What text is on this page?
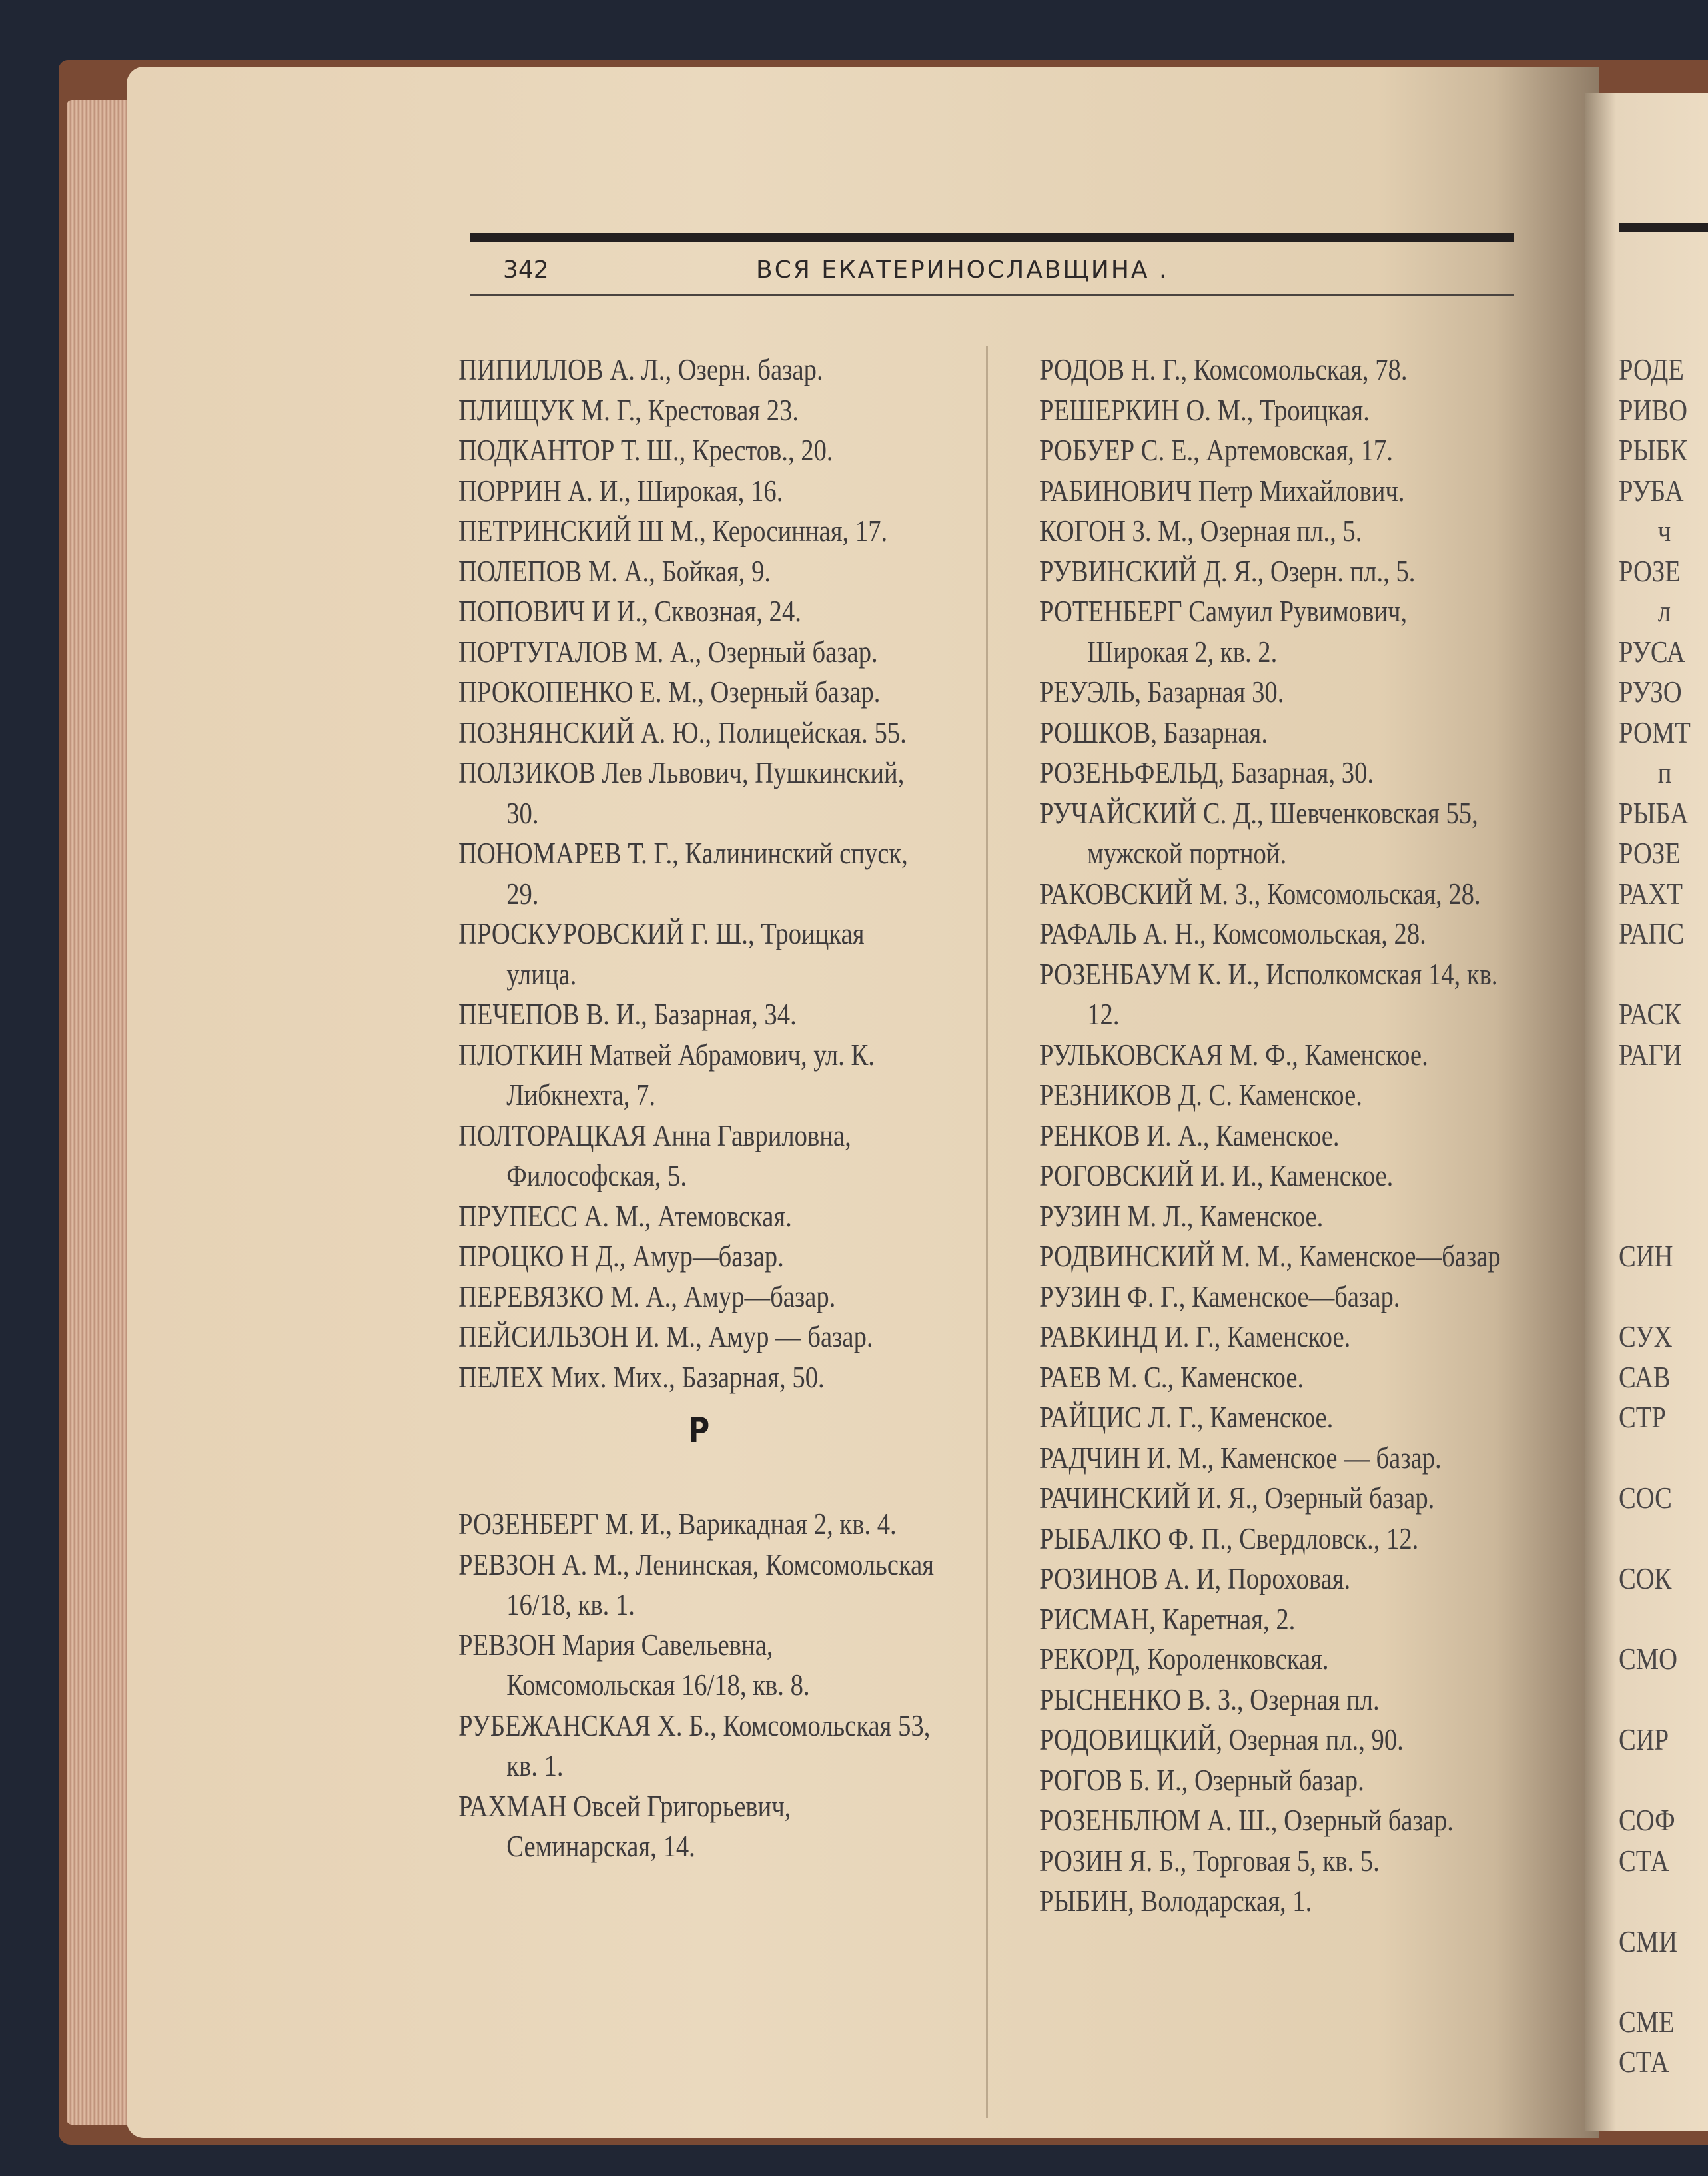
342	ВСЯ ЕКАТЕРИНОСЛАВЩИНА .

ПИПИЛЛОВ А. Л., Озерн. базар.

ПЛИЩУК М. Г., Крестовая 23.

ПОДКАНТОР Т. Ш., Крестов., 20.

ПОРРИН А. И., Широкая, 16.

ПЕТРИНСКИЙ Ш М., Керосинная, 17.

ПОЛЕПОВ М. А., Бойкая, 9.

ПОПОВИЧ И И., Сквозная, 24.

ПОРТУГАЛОВ М. А., Озерный базар.

ПРОКОПЕНКО Е. М., Озерный базар.

ПОЗНЯНСКИЙ А. Ю., Полицейская. 55.

ПОЛЗИКОВ Лев Львович, Пушкинский, 30.

ПОНОМАРЕВ Т. Г., Калининский спуск, 29.

ПРОСКУРОВСКИЙ Г. Ш., Троицкая улица.

ПЕЧЕПОВ В. И., Базарная, 34.

ПЛОТКИН Матвей Абрамович, ул. К. Либкнехта, 7.

ПОЛТОРАЦКАЯ Анна Гавриловна, Философская, 5.

ПРУПЕСС А. М., Атемовская.

ПРОЦКО Н Д., Амур—базар.

ПЕРЕВЯЗКО М. А., Амур—базар.

ПЕЙСИЛЬЗОН И. М., Амур — базар.

ПЕЛЕХ Мих. Мих., Базарная, 50.

Р

РОЗЕНБЕРГ М. И., Варикадная 2, кв. 4.

РЕВЗОН А. М., Ленинская, Комсомольская 16/18, кв. 1.

РЕВЗОН Мария Савельевна, Комсомольская 16/18, кв. 8.

РУБЕЖАНСКАЯ Х. Б., Комсомольская 53, кв. 1.

РАХМАН Овсей Григорьевич, Семинарская, 14.

РОДОВ Н. Г., Комсомольская, 78.

РЕШЕРКИН О. М., Троицкая.

РОБУЕР С. Е., Артемовская, 17.

РАБИНОВИЧ Петр Михайлович.

КОГОН З. М., Озерная пл., 5.

РУВИНСКИЙ Д. Я., Озерн. пл., 5.

РОТЕНБЕРГ Самуил Рувимович, Широкая 2, кв. 2.

РЕУЭЛЬ, Базарная 30.

РОШКОВ, Базарная.

РОЗЕНЬФЕЛЬД, Базарная, 30.

РУЧАЙСКИЙ С. Д., Шевченковская 55, мужской портной.

РАКОВСКИЙ М. З., Комсомольская, 28.

РАФАЛЬ А. Н., Комсомольская, 28.

РОЗЕНБАУМ К. И., Исполкомская 14, кв. 12.

РУЛЬКОВСКАЯ М. Ф., Каменское.

РЕЗНИКОВ Д. С. Каменское.

РЕНКОВ И. А., Каменское.

РОГОВСКИЙ И. И., Каменское.

РУЗИН М. Л., Каменское.

РОДВИНСКИЙ М. М., Каменское—базар

РУЗИН Ф. Г., Каменское—базар.

РАВКИНД И. Г., Каменское.

РАЕВ М. С., Каменское.

РАЙЦИС Л. Г., Каменское.

РАДЧИН И. М., Каменское — базар.

РАЧИНСКИЙ И. Я., Озерный базар.

РЫБАЛКО Ф. П., Свердловск., 12.

РОЗИНОВ А. И, Пороховая.

РИСМАН, Каретная, 2.

РЕКОРД, Короленковская.

РЫСНЕНКО В. З., Озерная пл.

РОДОВИЦКИЙ, Озерная пл., 90.

РОГОВ Б. И., Озерный базар.

РОЗЕНБЛЮМ А. Ш., Озерный базар.

РОЗИН Я. Б., Торговая 5, кв. 5.

РЫБИН, Володарская, 1.

РОДЕ
РИВО
РЫБК
РУБА
ч
РОЗЕ
л
РУСА
РУЗО
РОМТ
п
РЫБА
РОЗЕ
РАХТ
РАПС
РАСК
РАГИ
СИН
СУХ
САВ
СТР
СОС
СОК
СМО
СИР
СОФ
СТА
СМИ
СМЕ
СТА
